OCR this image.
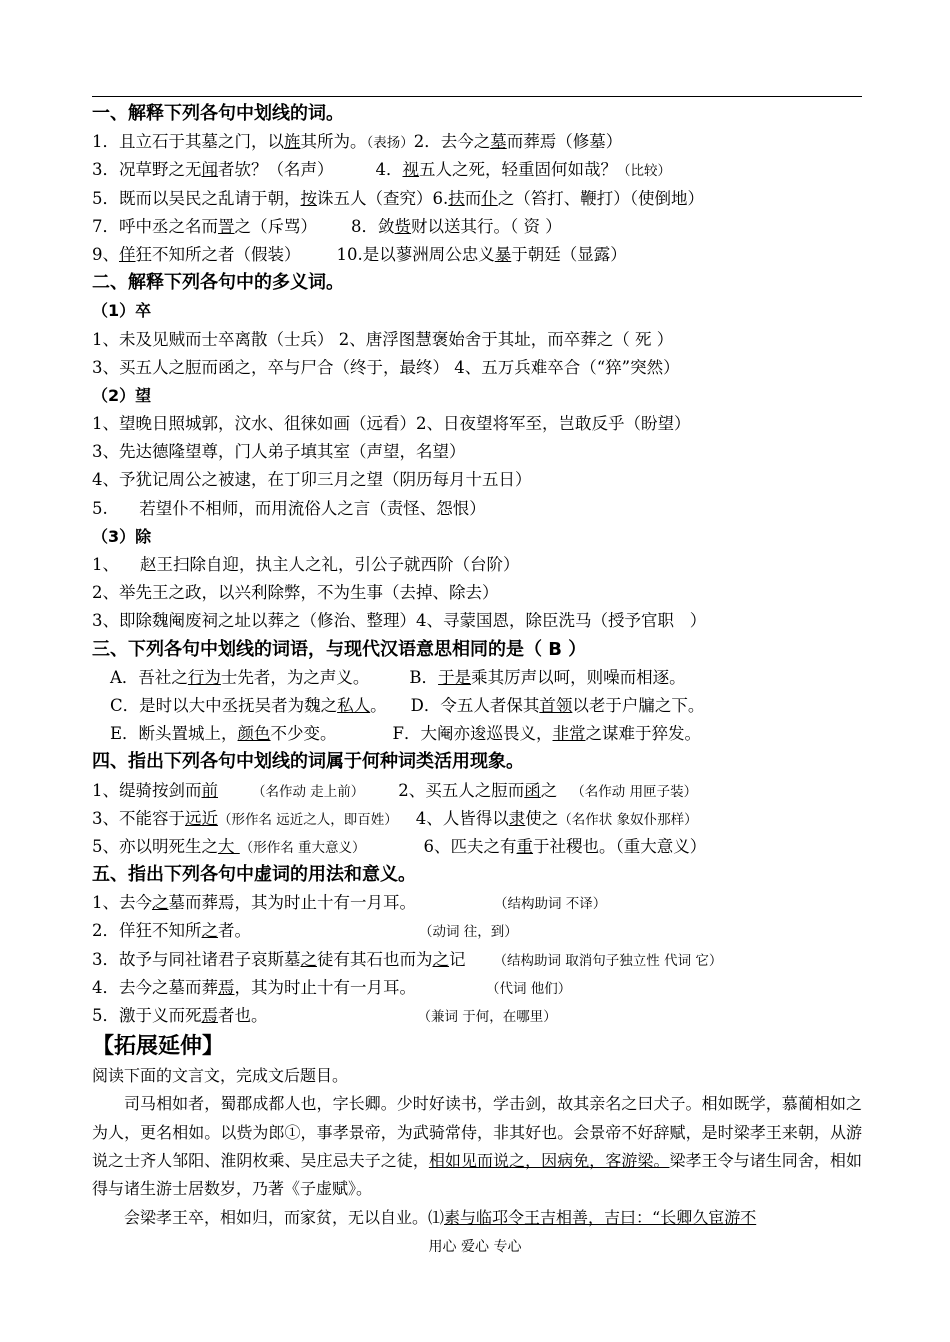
一、解释下列各句中划线的词。
1．且立石于其墓之门，以旌其所为。（表扬）2．去今之墓而葬焉（修墓）
3．况草野之无闻者欤？（名声）	4．视五人之死，轻重固何如哉？（比较）
5．既而以吴民之乱请于朝，按诛五人（查究）6.扶而仆之（笞打、鞭打）（使倒地）
7．呼中丞之名而詈之（斥骂） 8．敛赀财以送其行。（ 资 ）
9、佯狂不知所之者（假装） 10.是以蓼洲周公忠义暴于朝廷（显露）
二、解释下列各句中的多义词。
（1）卒
1、未及见贼而士卒离散（士兵） 2、唐浮图慧褒始舍于其址，而卒葬之（ 死 ）
3、买五人之脰而函之，卒与尸合（终于，最终） 4、五万兵难卒合（“猝”突然）
（2）望
1、望晚日照城郭，汶水、徂徕如画（远看）2、日夜望将军至，岂敢反乎（盼望）
3、先达德隆望尊，门人弟子填其室（声望，名望）
4、予犹记周公之被逮，在丁卯三月之望（阴历每月十五日）
5.      若望仆不相师，而用流俗人之言（责怪、怨恨）
（3）除
1、    赵王扫除自迎，执主人之礼，引公子就西阶（台阶）
2、举先王之政，以兴利除弊，不为生事（去掉、除去）
3、即除魏阉废祠之址以葬之（修治、整理）4、寻蒙国恩，除臣洗马（授予官职   ）
三、下列各句中划线的词语，与现代汉语意思相同的是（ B ）
A．吾社之行为士先者，为之声义。 B．于是乘其厉声以呵，则噪而相逐。
C．是时以大中丞抚吴者为魏之私人。 D．令五人者保其首领以老于户牖之下。
E．断头置城上，颜色不少变。	F．大阉亦逡巡畏义，非常之谋难于猝发。
四、指出下列各句中划线的词属于何种词类活用现象。
1、缇骑按剑而前	（名作动 走上前） 2、买五人之脰而函之 （名作动 用匣子装）
3、不能容于远近（形作名 远近之人，即百姓） 4、人皆得以隶使之（名作状 象奴仆那样）
5、亦以明死生之大 （形作名 重大意义）	6、匹夫之有重于社稷也。（重大意义）
五、指出下列各句中虚词的用法和意义。
1、去今之墓而葬焉，其为时止十有一月耳。	（结构助词 不译）
2．佯狂不知所之者。	（动词 往，到）
3．故予与同社诸君子哀斯墓之徒有其石也而为之记 （结构助词 取消句子独立性 代词 它）
4．去今之墓而葬焉，其为时止十有一月耳。	（代词 他们）
5．激于义而死焉者也。	（兼词 于何，在哪里）
【拓展延伸】
阅读下面的文言文，完成文后题目。
司马相如者，蜀郡成都人也，字长卿。少时好读书，学击剑，故其亲名之曰犬子。相如既学，慕蔺相如之为人，更名相如。以赀为郎①，事孝景帝，为武骑常侍，非其好也。会景帝不好辞赋，是时梁孝王来朝，从游说之士齐人邹阳、淮阴枚乘、吴庄忌夫子之徒，相如见而说之，因病免，客游梁。梁孝王令与诸生同舍，相如得与诸生游士居数岁，乃著《子虚赋》。
会梁孝王卒，相如归，而家贫，无以自业。⑴素与临邛令王吉相善，吉曰：“长卿久宦游不
用心 爱心 专心
